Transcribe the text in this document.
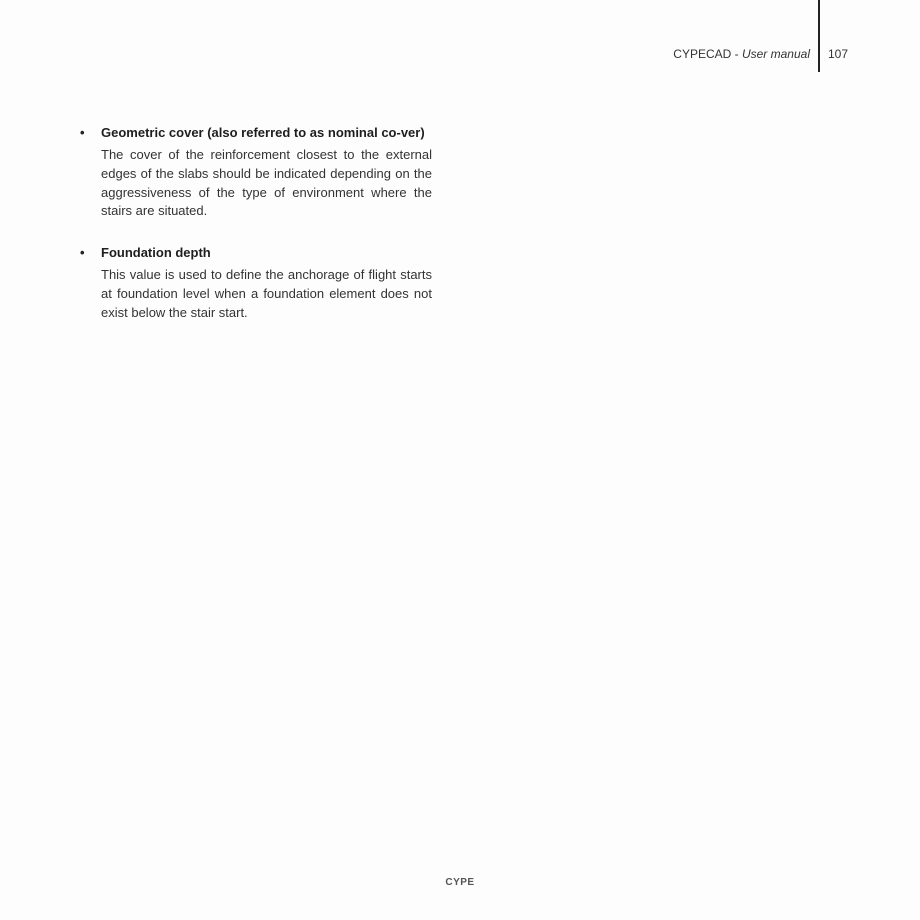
CYPECAD - User manual 107
• Geometric cover (also referred to as nominal co-ver)

The cover of the reinforcement closest to the external edges of the slabs should be indicated depending on the aggressiveness of the type of environment where the stairs are situated.

• Foundation depth

This value is used to define the anchorage of flight starts at foundation level when a foundation element does not exist below the stair start.

CYPE
